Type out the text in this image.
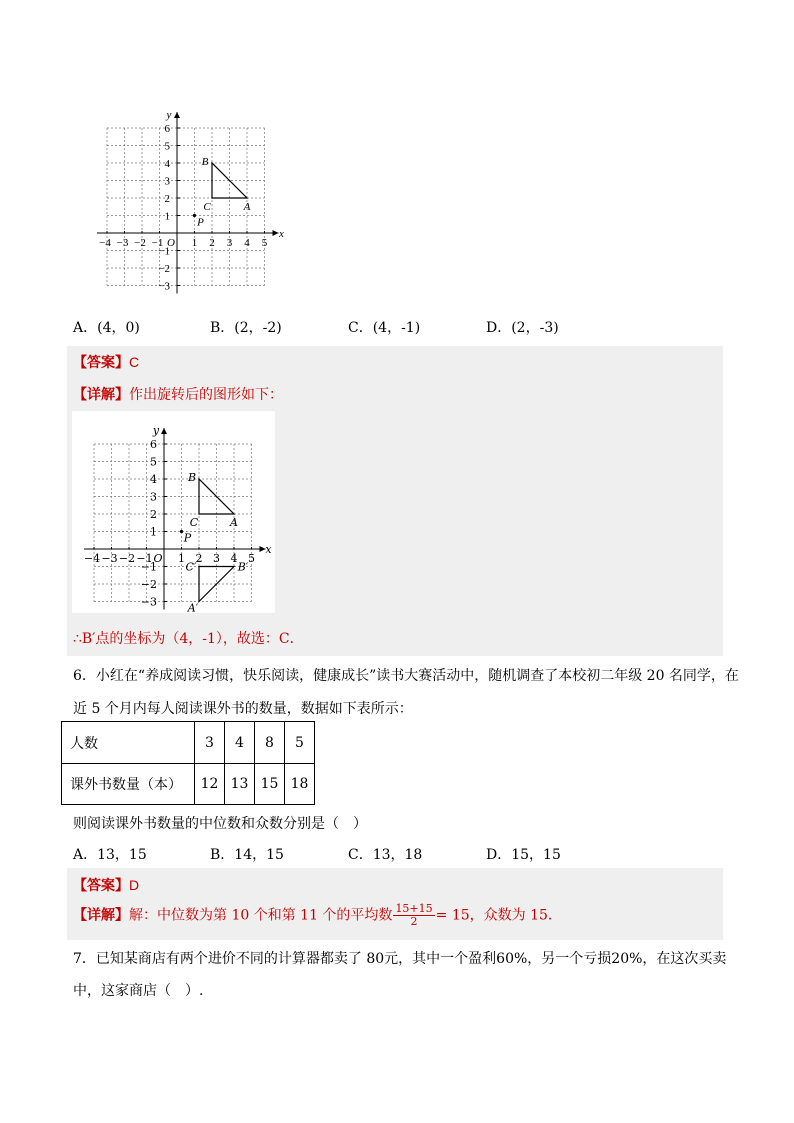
−4 −3 −2 −1	1 2 3 4 5
6
5
4
3
2
1
−1
−2
−3
O
x
y
B
C	A
P
A．(4，0)	B．(2，-2)	C．(4，-1)	D．(2，-3)
【答案】C
【详解】作出旋转后的图形如下：
−4 −3 −2 −1 1 2 3 4 5
6
5
4
3
2
1
−1
−2
−3
O
x
y
B
C	A
P
C′	B′
A′
∴B′点的坐标为（4，-1），故选：C．
6．小红在“养成阅读习惯，快乐阅读，健康成长”读书大赛活动中，随机调查了本校初二年级 20 名同学，在
近 5 个月内每人阅读课外书的数量，数据如下表所示：
人数	3	4	8	5
课外书数量（本）	12	13	15	18
则阅读课外书数量的中位数和众数分别是（　）
A．13，15	B．14，15	C．13，18	D．15，15
【答案】D
【详解】解：中位数为第 10 个和第 11 个的平均数 $\frac{15+15}{2} = 15$，众数为 15．
7．已知某商店有两个进价不同的计算器都卖了 80元，其中一个盈利60%，另一个亏损20%，在这次买卖
中，这家商店（　）.
